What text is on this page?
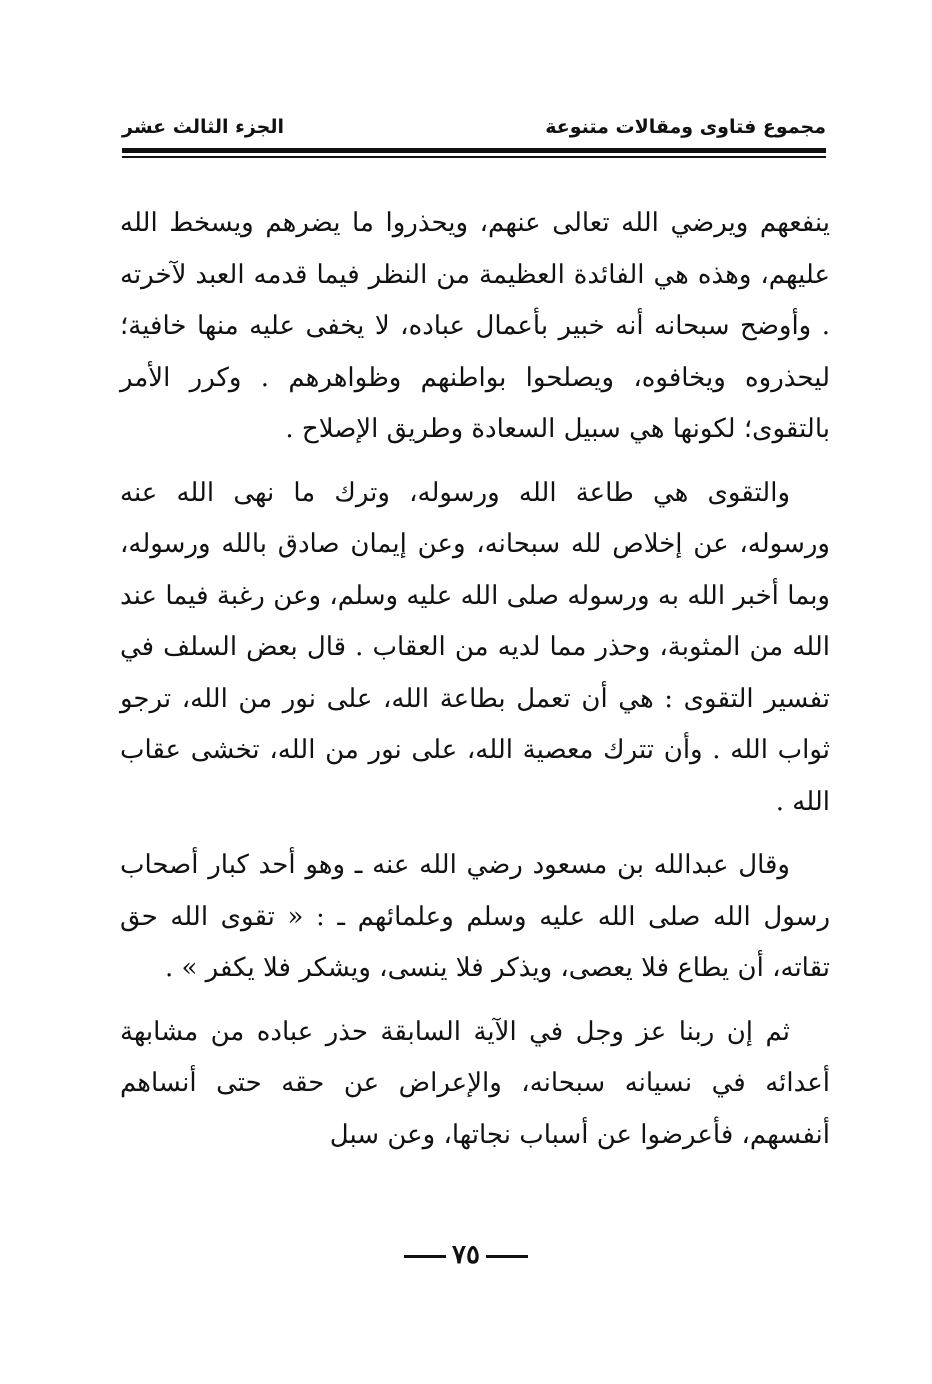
مجموع فتاوى ومقالات متنوعة
الجزء الثالث عشر

ينفعهم ويرضي الله تعالى عنهم، ويحذروا ما يضرهم ويسخط الله عليهم، وهذه هي الفائدة العظيمة من النظر فيما قدمه العبد لآخرته . وأوضح سبحانه أنه خبير بأعمال عباده، لا يخفى عليه منها خافية؛ ليحذروه ويخافوه، ويصلحوا بواطنهم وظواهرهم . وكرر الأمر بالتقوى؛ لكونها هي سبيل السعادة وطريق الإصلاح .

والتقوى هي طاعة الله ورسوله، وترك ما نهى الله عنه ورسوله، عن إخلاص لله سبحانه، وعن إيمان صادق بالله ورسوله، وبما أخبر الله به ورسوله صلى الله عليه وسلم، وعن رغبة فيما عند الله من المثوبة، وحذر مما لديه من العقاب . قال بعض السلف في تفسير التقوى : هي أن تعمل بطاعة الله، على نور من الله، ترجو ثواب الله . وأن تترك معصية الله، على نور من الله، تخشى عقاب الله .

وقال عبدالله بن مسعود رضي الله عنه ـ وهو أحد كبار أصحاب رسول الله صلى الله عليه وسلم وعلمائهم ـ : « تقوى الله حق تقاته، أن يطاع فلا يعصى، ويذكر فلا ينسى، ويشكر فلا يكفر » .

ثم إن ربنا عز وجل في الآية السابقة حذر عباده من مشابهة أعدائه في نسيانه سبحانه، والإعراض عن حقه حتى أنساهم أنفسهم، فأعرضوا عن أسباب نجاتها، وعن سبل

٧٥
